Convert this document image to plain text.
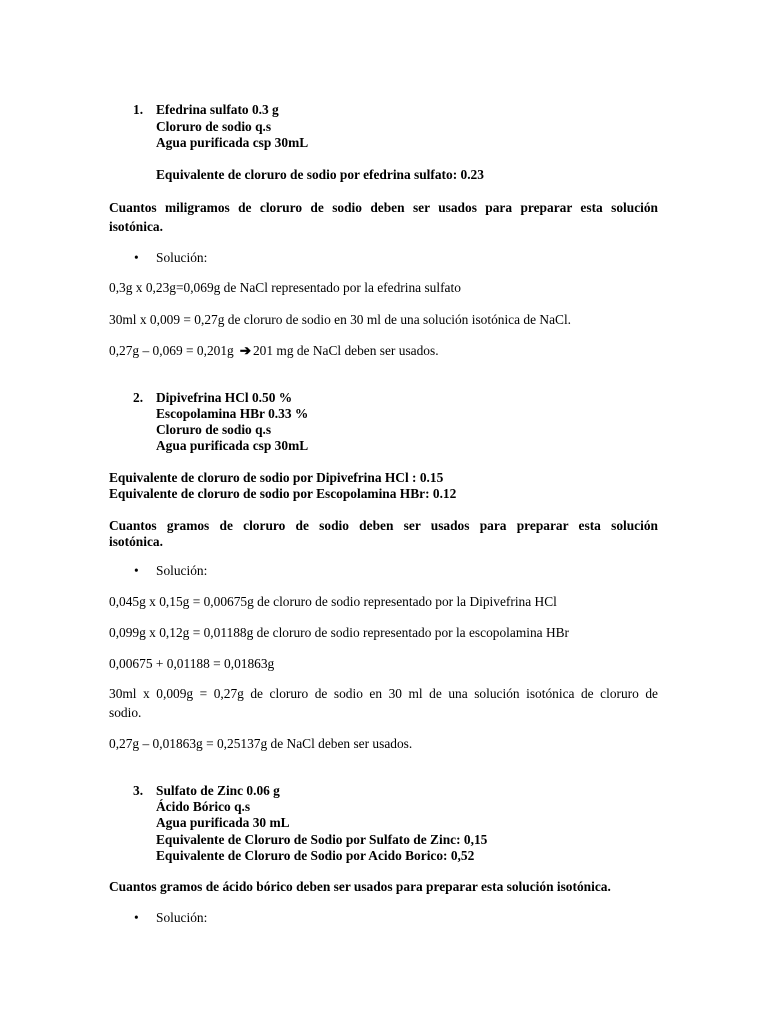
1. Efedrina sulfato 0.3 g
Cloruro de sodio q.s
Agua purificada csp 30mL
Equivalente de cloruro de sodio por efedrina sulfato: 0.23
Cuantos miligramos de cloruro de sodio deben ser usados para preparar esta solución
isotónica.
• Solución:
0,3g x 0,23g=0,069g de NaCl representado por la efedrina sulfato
30ml x 0,009 = 0,27g de cloruro de sodio en 30 ml de una solución isotónica de NaCl.
0,27g – 0,069 = 0,201g ➔ 201 mg de NaCl deben ser usados.
2. Dipivefrina HCl 0.50 %
Escopolamina HBr 0.33 %
Cloruro de sodio q.s
Agua purificada csp 30mL
Equivalente de cloruro de sodio por Dipivefrina HCl : 0.15
Equivalente de cloruro de sodio por Escopolamina HBr: 0.12
Cuantos gramos de cloruro de sodio deben ser usados para preparar esta solución
isotónica.
• Solución:
0,045g x 0,15g = 0,00675g de cloruro de sodio representado por la Dipivefrina HCl
0,099g x 0,12g = 0,01188g de cloruro de sodio representado por la escopolamina HBr
0,00675 + 0,01188 = 0,01863g
30ml x 0,009g = 0,27g de cloruro de sodio en 30 ml de una solución isotónica de cloruro de
sodio.
0,27g – 0,01863g = 0,25137g de NaCl deben ser usados.
3. Sulfato de Zinc 0.06 g
Ácido Bórico q.s
Agua purificada 30 mL
Equivalente de Cloruro de Sodio por Sulfato de Zinc: 0,15
Equivalente de Cloruro de Sodio por Acido Borico: 0,52
Cuantos gramos de ácido bórico deben ser usados para preparar esta solución isotónica.
• Solución:
